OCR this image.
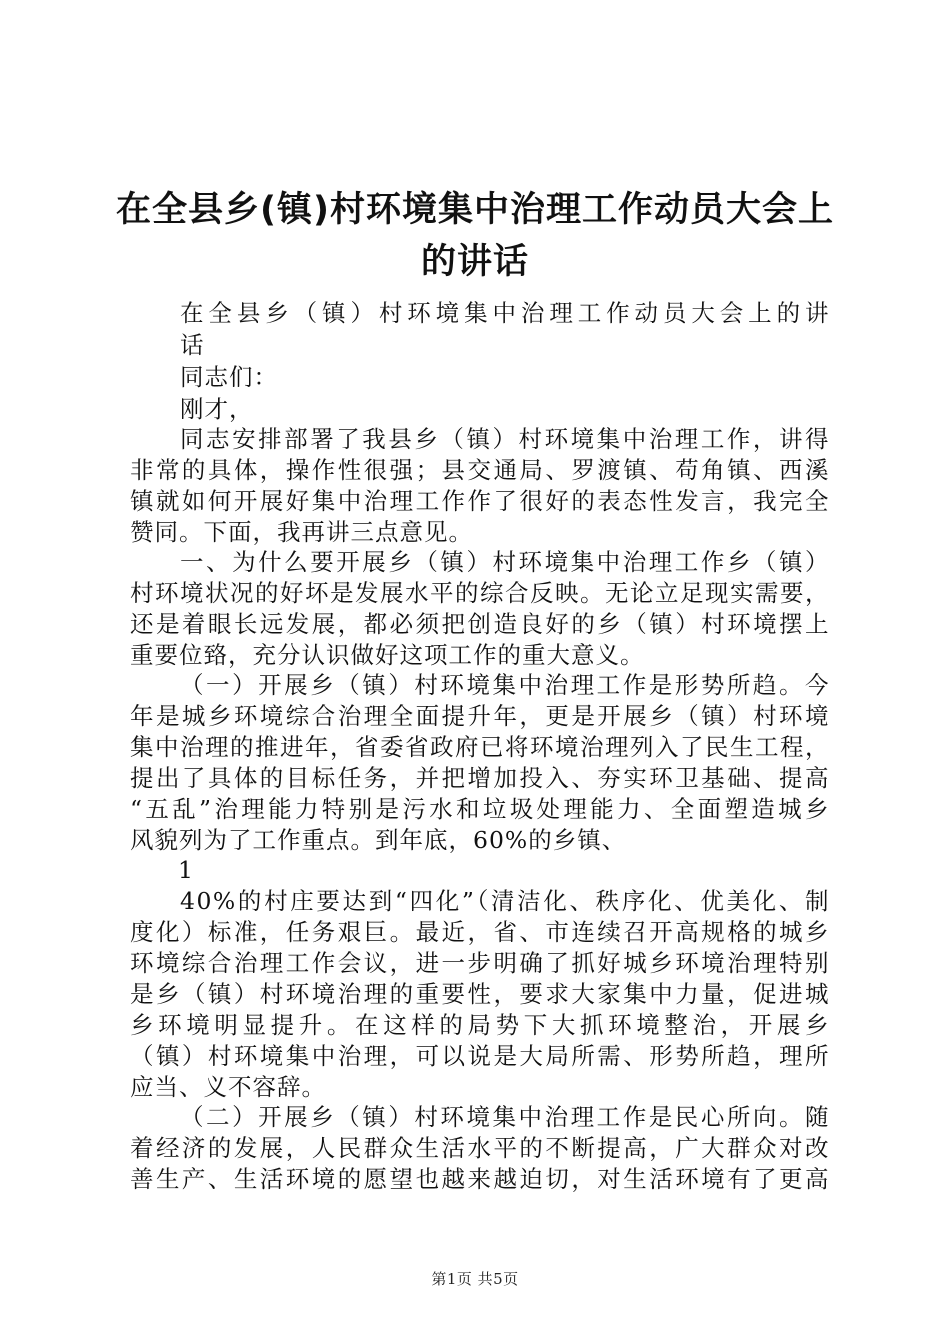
在全县乡(镇)村环境集中治理工作动员大会上
的讲话
在全县乡（镇）村环境集中治理工作动员大会上的讲
话
同志们：
刚才，
同志安排部署了我县乡（镇）村环境集中治理工作，讲得
非常的具体，操作性很强；县交通局、罗渡镇、苟角镇、西溪
镇就如何开展好集中治理工作作了很好的表态性发言，我完全
赞同。下面，我再讲三点意见。
一、为什么要开展乡（镇）村环境集中治理工作乡（镇）
村环境状况的好坏是发展水平的综合反映。无论立足现实需要，
还是着眼长远发展，都必须把创造良好的乡（镇）村环境摆上
重要位臵，充分认识做好这项工作的重大意义。
（一）开展乡（镇）村环境集中治理工作是形势所趋。今
年是城乡环境综合治理全面提升年，更是开展乡（镇）村环境
集中治理的推进年，省委省政府已将环境治理列入了民生工程，
提出了具体的目标任务，并把增加投入、夯实环卫基础、提高
“五乱”治理能力特别是污水和垃圾处理能力、全面塑造城乡
风貌列为了工作重点。到年底，60%的乡镇、
1
40%的村庄要达到“四化”（清洁化、秩序化、优美化、制
度化）标准，任务艰巨。最近，省、市连续召开高规格的城乡
环境综合治理工作会议，进一步明确了抓好城乡环境治理特别
是乡（镇）村环境治理的重要性，要求大家集中力量，促进城
乡环境明显提升。在这样的局势下大抓环境整治，开展乡
（镇）村环境集中治理，可以说是大局所需、形势所趋，理所
应当、义不容辞。
（二）开展乡（镇）村环境集中治理工作是民心所向。随
着经济的发展，人民群众生活水平的不断提高，广大群众对改
善生产、生活环境的愿望也越来越迫切，对生活环境有了更高
第1页 共5页
